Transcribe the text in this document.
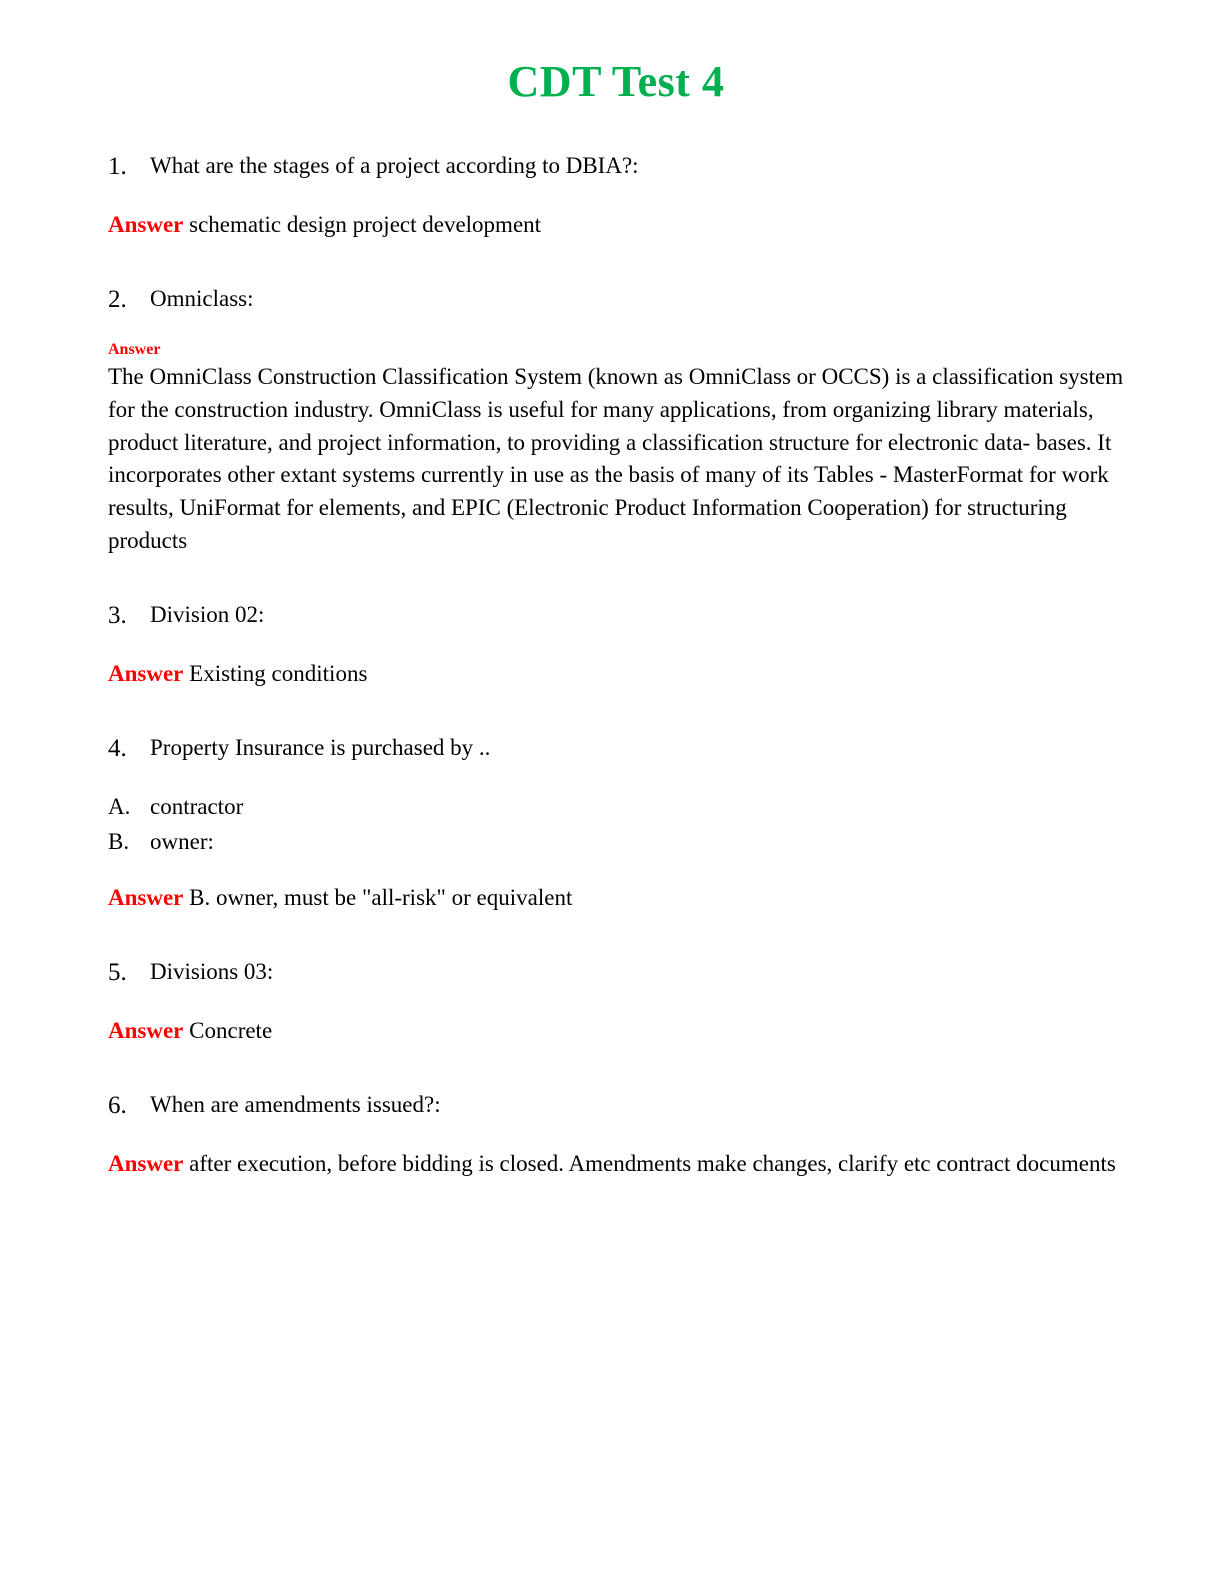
CDT Test 4
1.	What are the stages of a project according to DBIA?:

Answer schematic design project development

2.	Omniclass:
Answer
The OmniClass Construction Classification System (known as OmniClass or OCCS) is a classification system for the construction industry. OmniClass is useful for many applications, from organizing library materials, product literature, and project information, to providing a classification structure for electronic data- bases. It incorporates other extant systems currently in use as the basis of many of its Tables - MasterFormat for work results, UniFormat for elements, and EPIC (Electronic Product Information Cooperation) for structuring products
3.	Division 02:

Answer Existing conditions

4.	Property Insurance is purchased by ..
A. contractor
B. owner:

Answer B. owner, must be "all-risk" or equivalent

5.	Divisions 03:

Answer Concrete

6.	When are amendments issued?:

Answer after execution, before bidding is closed. Amendments make changes, clarify etc contract documents
